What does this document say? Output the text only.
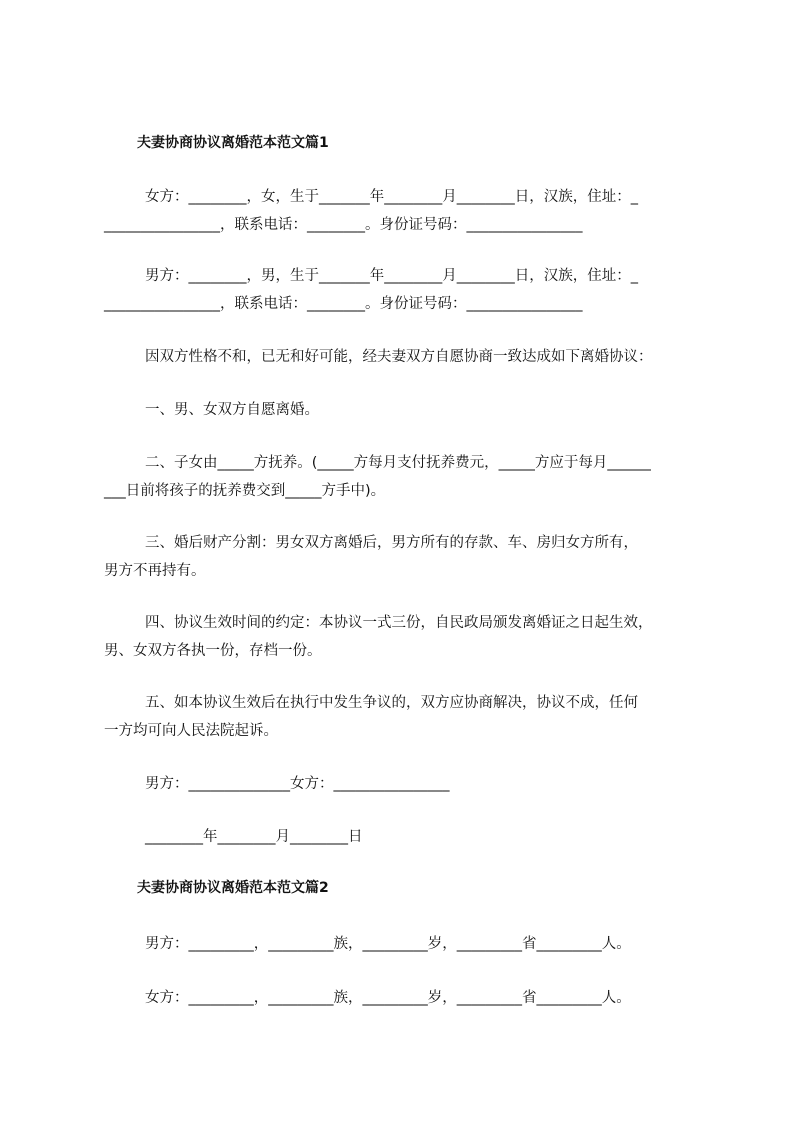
夫妻协商协议离婚范本范文篇1
女方：________，女，生于_______年________月________日，汉族，住址：_
________________，联系电话：________。身份证号码：________________
男方：________，男，生于_______年________月________日，汉族，住址：_
________________，联系电话：________。身份证号码：________________
因双方性格不和，已无和好可能，经夫妻双方自愿协商一致达成如下离婚协议：
一、男、女双方自愿离婚。
二、子女由_____方抚养。(_____方每月支付抚养费元，_____方应于每月______
___日前将孩子的抚养费交到_____方手中)。
三、婚后财产分割：男女双方离婚后，男方所有的存款、车、房归女方所有，
男方不再持有。
四、协议生效时间的约定：本协议一式三份，自民政局颁发离婚证之日起生效，
男、女双方各执一份，存档一份。
五、如本协议生效后在执行中发生争议的，双方应协商解决，协议不成，任何
一方均可向人民法院起诉。
男方：______________女方：________________
________年________月________日
夫妻协商协议离婚范本范文篇2
男方：_________，_________族，_________岁，_________省_________人。
女方：_________，_________族，_________岁，_________省_________人。
